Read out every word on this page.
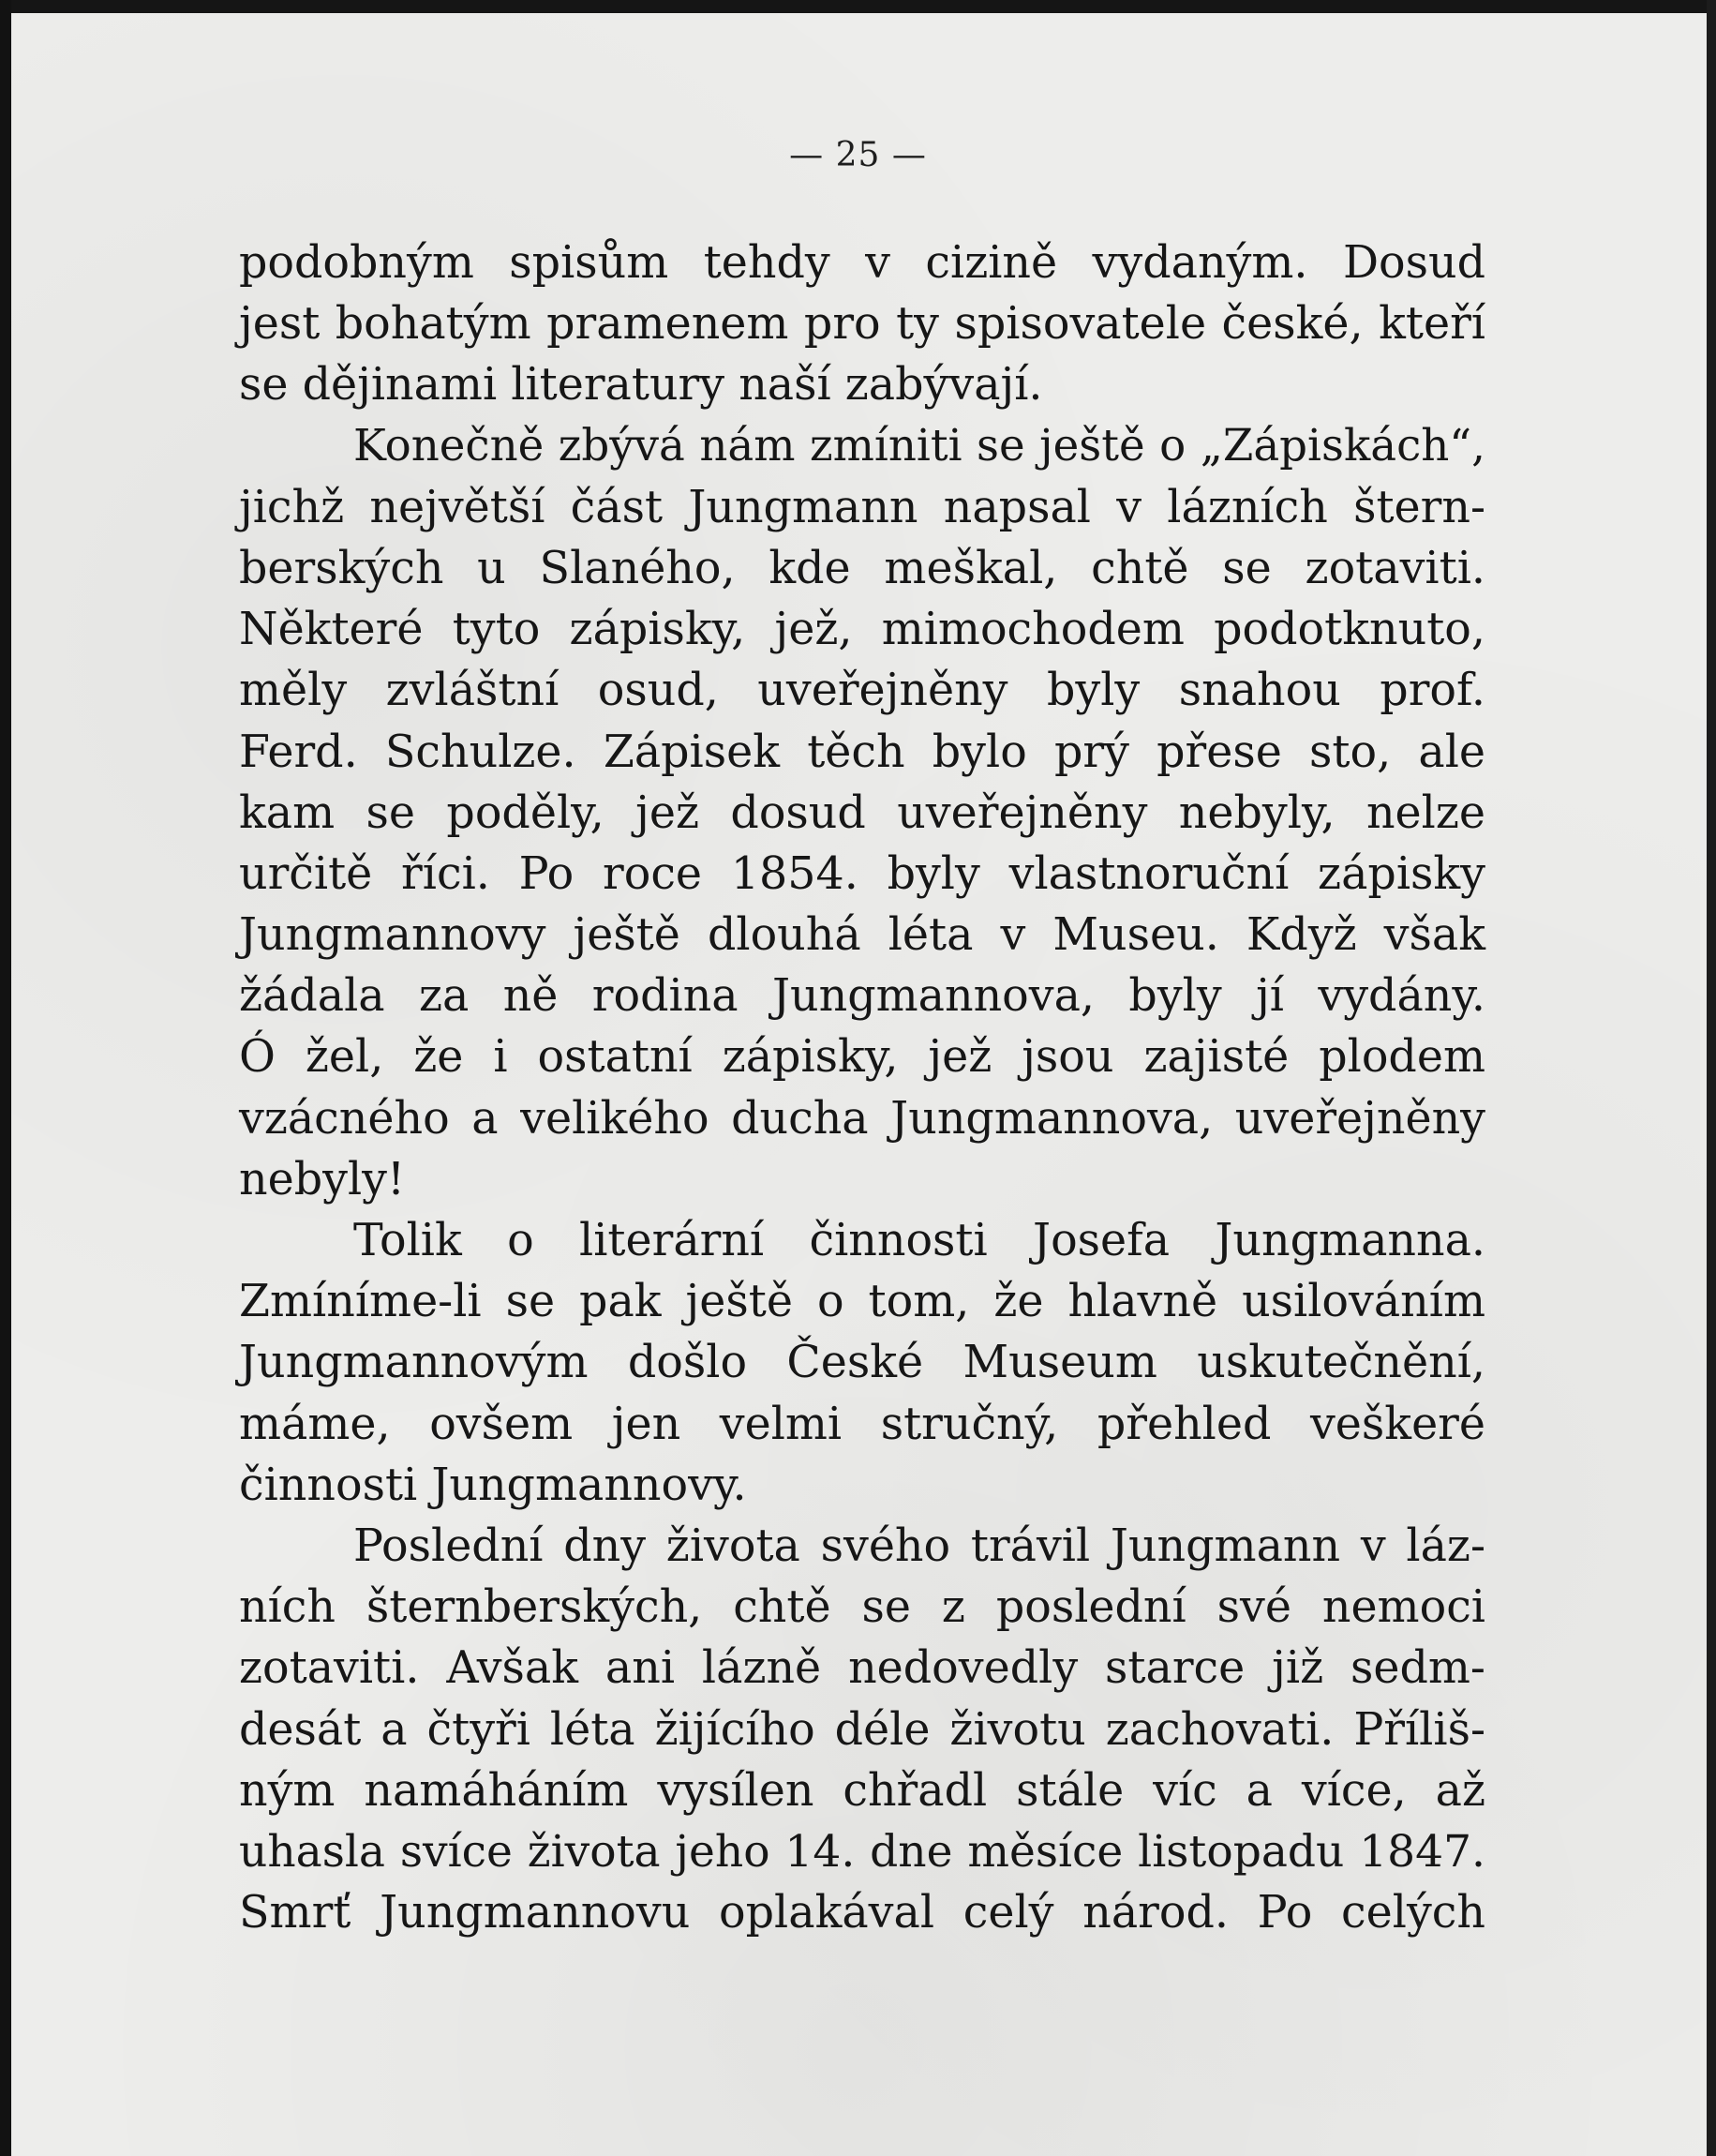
— 25 —
podobným spisům tehdy v cizině vydaným. Dosud
jest bohatým pramenem pro ty spisovatele české, kteří
se dějinami literatury naší zabývají.
Konečně zbývá nám zmíniti se ještě o „Zápiskách“,
jichž největší část Jungmann napsal v lázních štern-
berských u Slaného, kde meškal, chtě se zotaviti.
Některé tyto zápisky, jež, mimochodem podotknuto,
měly zvláštní osud, uveřejněny byly snahou prof.
Ferd. Schulze. Zápisek těch bylo prý přese sto, ale
kam se poděly, jež dosud uveřejněny nebyly, nelze
určitě říci. Po roce 1854. byly vlastnoruční zápisky
Jungmannovy ještě dlouhá léta v Museu. Když však
žádala za ně rodina Jungmannova, byly jí vydány.
Ó žel, že i ostatní zápisky, jež jsou zajisté plodem
vzácného a velikého ducha Jungmannova, uveřejněny
nebyly!
Tolik o literární činnosti Josefa Jungmanna.
Zmíníme-li se pak ještě o tom, že hlavně usilováním
Jungmannovým došlo České Museum uskutečnění,
máme, ovšem jen velmi stručný, přehled veškeré
činnosti Jungmannovy.
Poslední dny života svého trávil Jungmann v láz-
ních šternberských, chtě se z poslední své nemoci
zotaviti. Avšak ani lázně nedovedly starce již sedm-
desát a čtyři léta žijícího déle životu zachovati. Příliš-
ným namáháním vysílen chřadl stále víc a více, až
uhasla svíce života jeho 14. dne měsíce listopadu 1847.
Smrť Jungmannovu oplakával celý národ. Po celých
